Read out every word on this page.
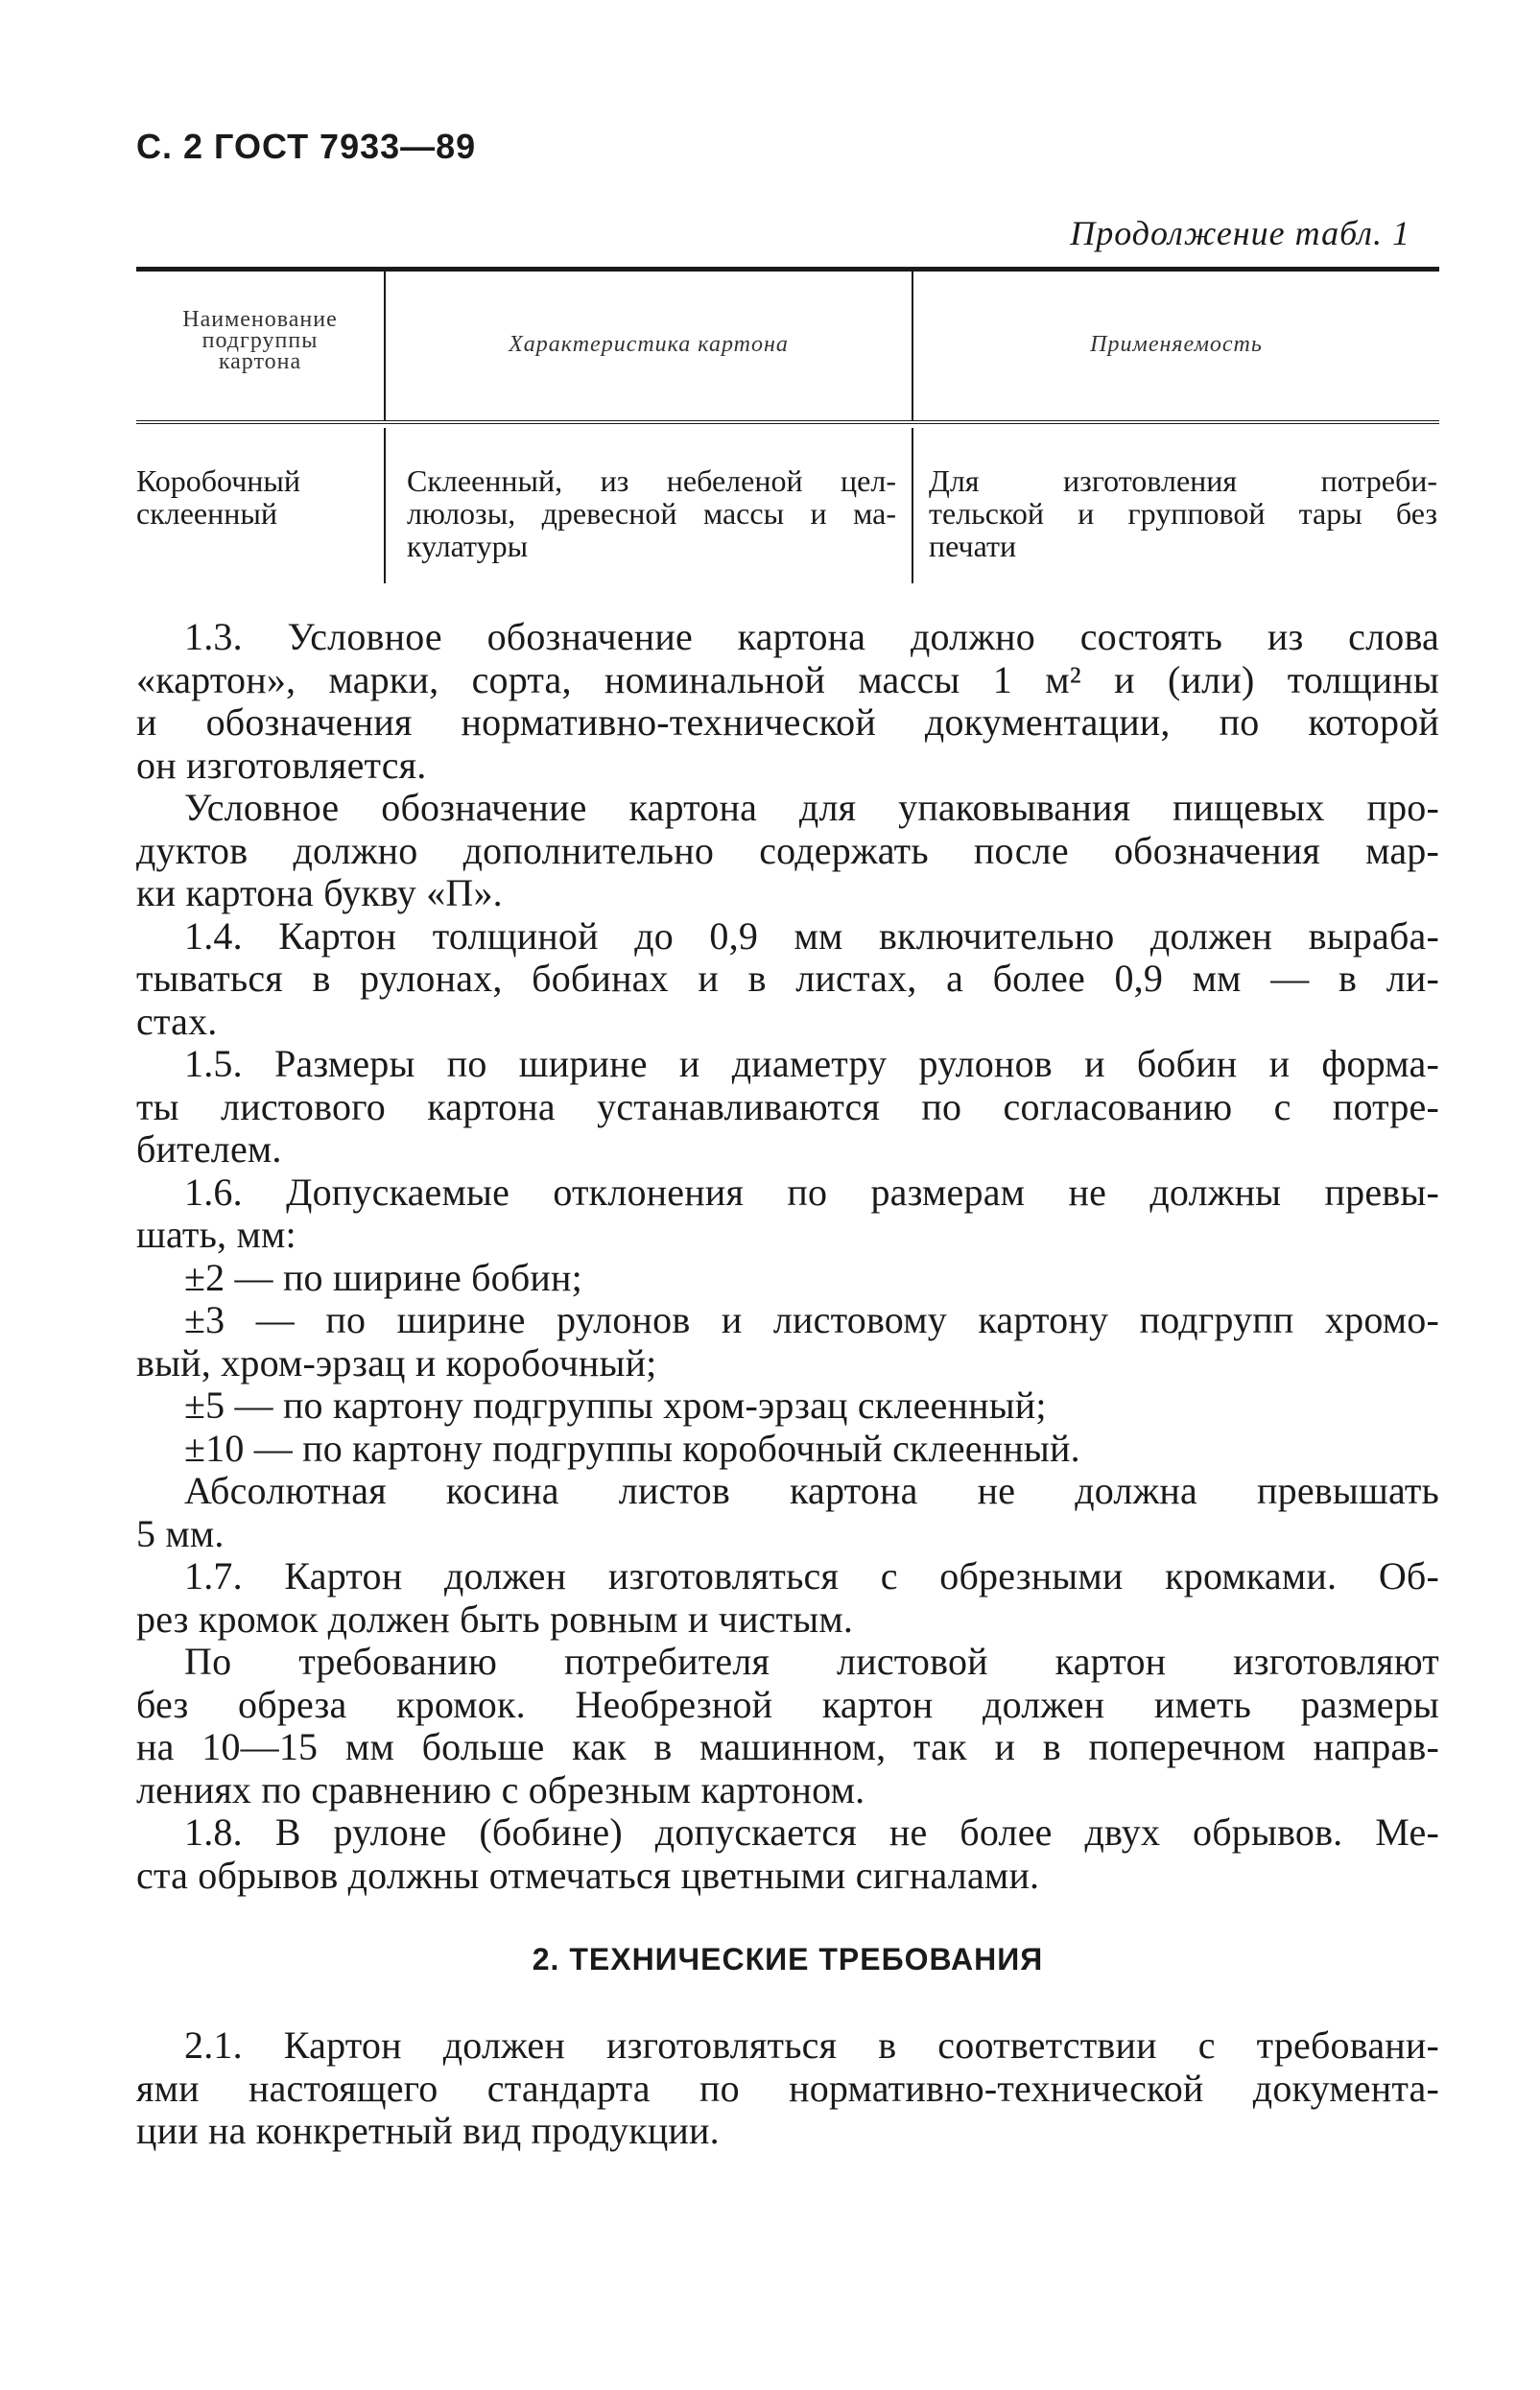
С. 2 ГОСТ 7933—89
Продолжение табл. 1
Наименование
подгруппы
картона
Характеристика картона	Применяемость
Коробочный
склеенный
Склеенный, из небеленой цел-
люлозы, древесной массы и ма-
кулатуры
Для изготовления потреби-
тельской и групповой тары без
печати
1.3. Условное обозначение картона должно состоять из слова
«картон», марки, сорта, номинальной массы 1 м² и (или) толщины
и обозначения нормативно-технической документации, по которой
он изготовляется.
Условное обозначение картона для упаковывания пищевых про-
дуктов должно дополнительно содержать после обозначения мар-
ки картона букву «П».
1.4. Картон толщиной до 0,9 мм включительно должен выраба-
тываться в рулонах, бобинах и в листах, а более 0,9 мм — в ли-
стах.
1.5. Размеры по ширине и диаметру рулонов и бобин и форма-
ты листового картона устанавливаются по согласованию с потре-
бителем.
1.6. Допускаемые отклонения по размерам не должны превы-
шать, мм:
±2 — по ширине бобин;
±3 — по ширине рулонов и листовому картону подгрупп хромо-
вый, хром-эрзац и коробочный;
±5 — по картону подгруппы хром-эрзац склеенный;
±10 — по картону подгруппы коробочный склеенный.
Абсолютная косина листов картона не должна превышать
5 мм.
1.7. Картон должен изготовляться с обрезными кромками. Об-
рез кромок должен быть ровным и чистым.
По требованию потребителя листовой картон изготовляют
без обреза кромок. Необрезной картон должен иметь размеры
на 10—15 мм больше как в машинном, так и в поперечном направ-
лениях по сравнению с обрезным картоном.
1.8. В рулоне (бобине) допускается не более двух обрывов. Ме-
ста обрывов должны отмечаться цветными сигналами.
2. ТЕХНИЧЕСКИЕ ТРЕБОВАНИЯ
2.1. Картон должен изготовляться в соответствии с требовани-
ями настоящего стандарта по нормативно-технической документа-
ции на конкретный вид продукции.
